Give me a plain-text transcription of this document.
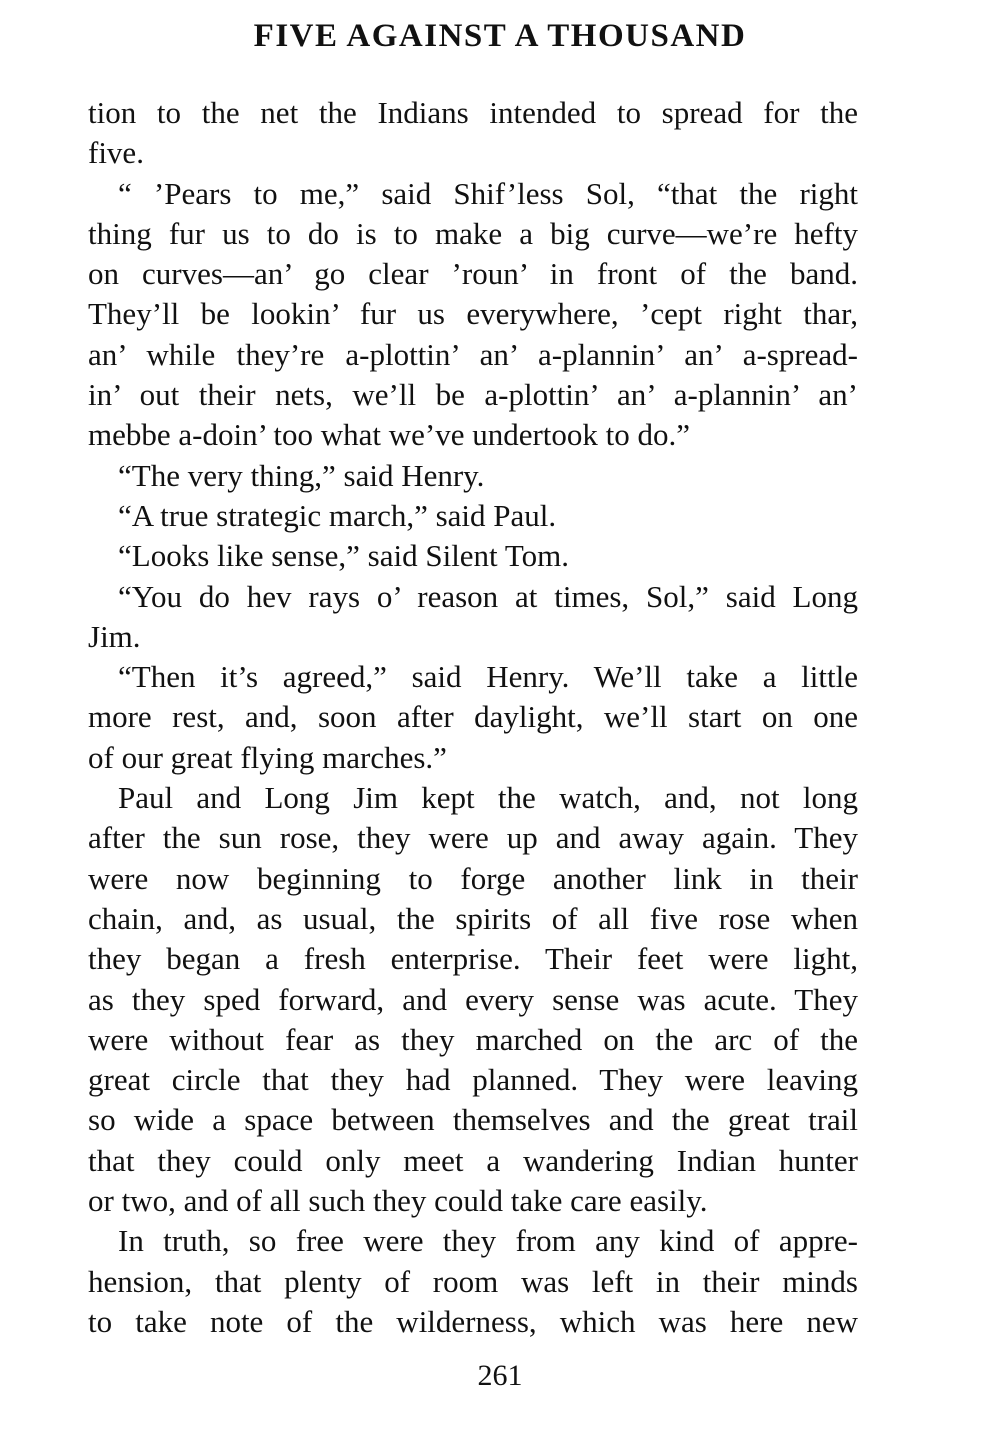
FIVE AGAINST A THOUSAND
tion to the net the Indians intended to spread for the
five.
“ ’Pears to me,” said Shif’less Sol, “that the right
thing fur us to do is to make a big curve—we’re hefty
on curves—an’ go clear ’roun’ in front of the band.
They’ll be lookin’ fur us everywhere, ’cept right thar,
an’ while they’re a-plottin’ an’ a-plannin’ an’ a-spread-
in’ out their nets, we’ll be a-plottin’ an’ a-plannin’ an’
mebbe a-doin’ too what we’ve undertook to do.”
“The very thing,” said Henry.
“A true strategic march,” said Paul.
“Looks like sense,” said Silent Tom.
“You do hev rays o’ reason at times, Sol,” said Long
Jim.
“Then it’s agreed,” said Henry. We’ll take a little
more rest, and, soon after daylight, we’ll start on one
of our great flying marches.”
Paul and Long Jim kept the watch, and, not long
after the sun rose, they were up and away again. They
were now beginning to forge another link in their
chain, and, as usual, the spirits of all five rose when
they began a fresh enterprise. Their feet were light,
as they sped forward, and every sense was acute. They
were without fear as they marched on the arc of the
great circle that they had planned. They were leaving
so wide a space between themselves and the great trail
that they could only meet a wandering Indian hunter
or two, and of all such they could take care easily.
In truth, so free were they from any kind of appre-
hension, that plenty of room was left in their minds
to take note of the wilderness, which was here new
261
